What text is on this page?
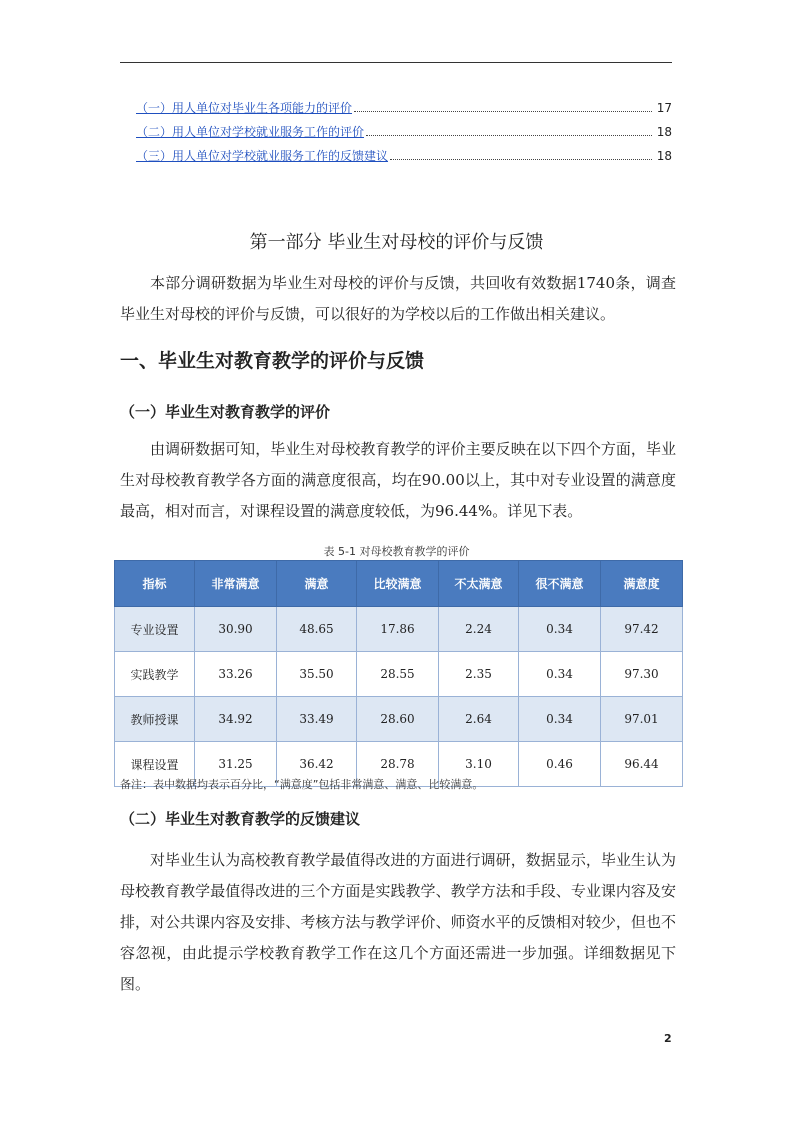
（一）用人单位对毕业生各项能力的评价	17
（二）用人单位对学校就业服务工作的评价	18
（三）用人单位对学校就业服务工作的反馈建议	18
第一部分 毕业生对母校的评价与反馈

本部分调研数据为毕业生对母校的评价与反馈，共回收有效数据1740条，调查毕业生对母校的评价与反馈，可以很好的为学校以后的工作做出相关建议。

一、毕业生对教育教学的评价与反馈
（一）毕业生对教育教学的评价

由调研数据可知，毕业生对母校教育教学的评价主要反映在以下四个方面，毕业生对母校教育教学各方面的满意度很高，均在90.00以上，其中对专业设置的满意度最高，相对而言，对课程设置的满意度较低，为96.44%。详见下表。

表 5-1 对母校教育教学的评价
指标	非常满意	满意	比较满意	不太满意	很不满意	满意度
专业设置	30.90	48.65	17.86	2.24	0.34	97.42
实践教学	33.26	35.50	28.55	2.35	0.34	97.30
教师授课	34.92	33.49	28.60	2.64	0.34	97.01
课程设置	31.25	36.42	28.78	3.10	0.46	96.44
备注：表中数据均表示百分比，“满意度”包括非常满意、满意、比较满意。
（二）毕业生对教育教学的反馈建议

对毕业生认为高校教育教学最值得改进的方面进行调研，数据显示，毕业生认为母校教育教学最值得改进的三个方面是实践教学、教学方法和手段、专业课内容及安排，对公共课内容及安排、考核方法与教学评价、师资水平的反馈相对较少，但也不容忽视，由此提示学校教育教学工作在这几个方面还需进一步加强。详细数据见下图。

2
